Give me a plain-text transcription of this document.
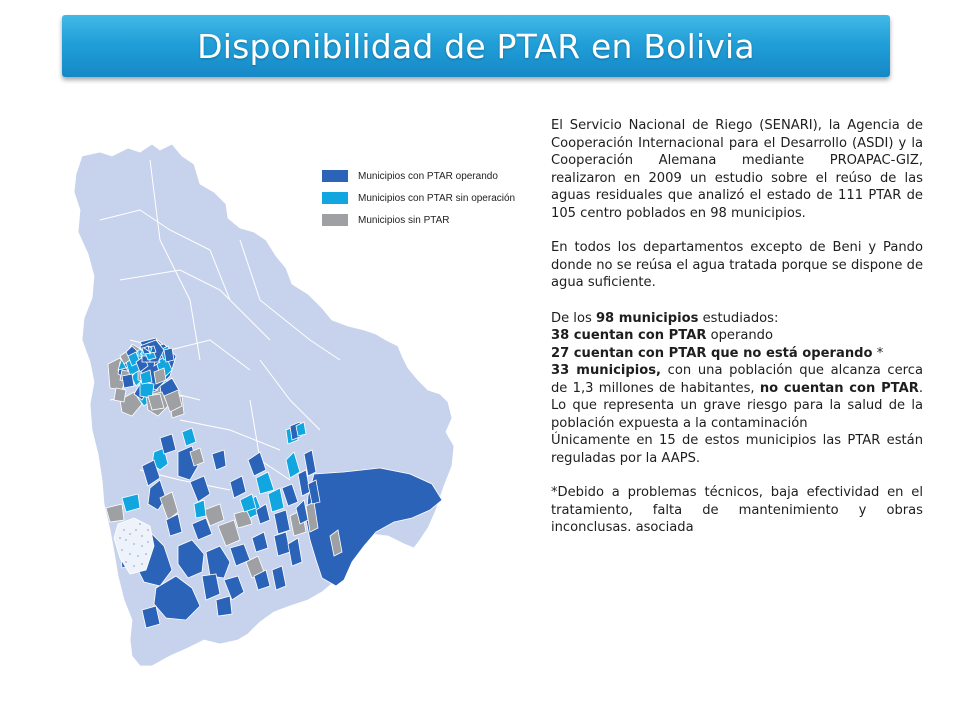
Disponibilidad de PTAR en Bolivia
Municipios con PTAR operando
Municipios con PTAR sin operación
Municipios sin PTAR

El Servicio Nacional de Riego (SENARI), la Agencia de Cooperación Internacional para el Desarrollo (ASDI) y la Cooperación Alemana mediante PROAPAC-GIZ, realizaron en 2009 un estudio sobre el reúso de las aguas residuales que analizó el estado de 111 PTAR de 105 centro poblados en 98 municipios.

En todos los departamentos excepto de Beni y Pando donde no se reúsa el agua tratada porque se dispone de agua suficiente.

De los 98 municipios estudiados:
38 cuentan con PTAR operando
27 cuentan con PTAR que no está operando *

33 municipios, con una población que alcanza cerca de 1,3 millones de habitantes, no cuentan con PTAR. Lo que representa un grave riesgo para la salud de la población expuesta a la contaminación

Únicamente en 15 de estos municipios las PTAR están reguladas por la AAPS.

*Debido a problemas técnicos, baja efectividad en el tratamiento, falta de mantenimiento y obras inconclusas. asociada
